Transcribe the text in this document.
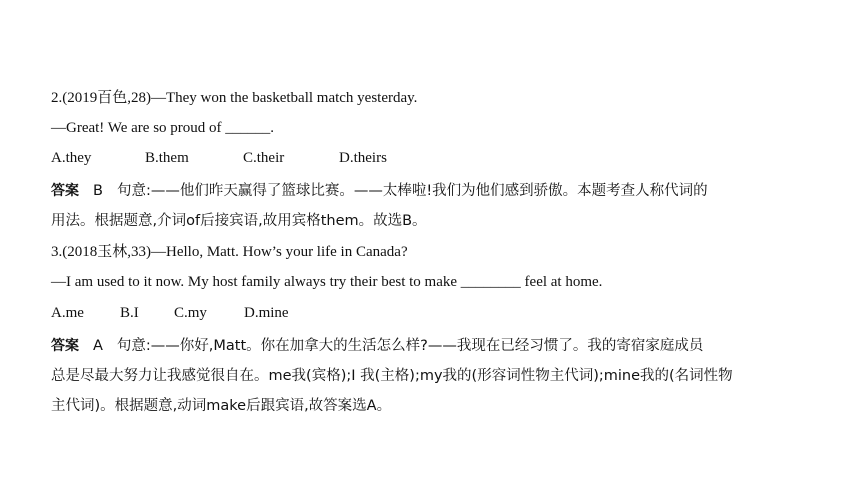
2.(2019百色,28)—They won the basketball match yesterday.
—Great! We are so proud of ______.
A.they	B.them	C.their	D.theirs
答案 B 句意:——他们昨天赢得了篮球比赛。——太棒啦!我们为他们感到骄傲。本题考查人称代词的
用法。根据题意,介词of后接宾语,故用宾格them。故选B。
3.(2018玉林,33)—Hello, Matt. How’s your life in Canada?
—I am used to it now. My host family always try their best to make ________ feel at home.
A.me B.I C.my D.mine
答案 A 句意:——你好,Matt。你在加拿大的生活怎么样?——我现在已经习惯了。我的寄宿家庭成员
总是尽最大努力让我感觉很自在。me我(宾格);I 我(主格);my我的(形容词性物主代词);mine我的(名词性物
主代词)。根据题意,动词make后跟宾语,故答案选A。
